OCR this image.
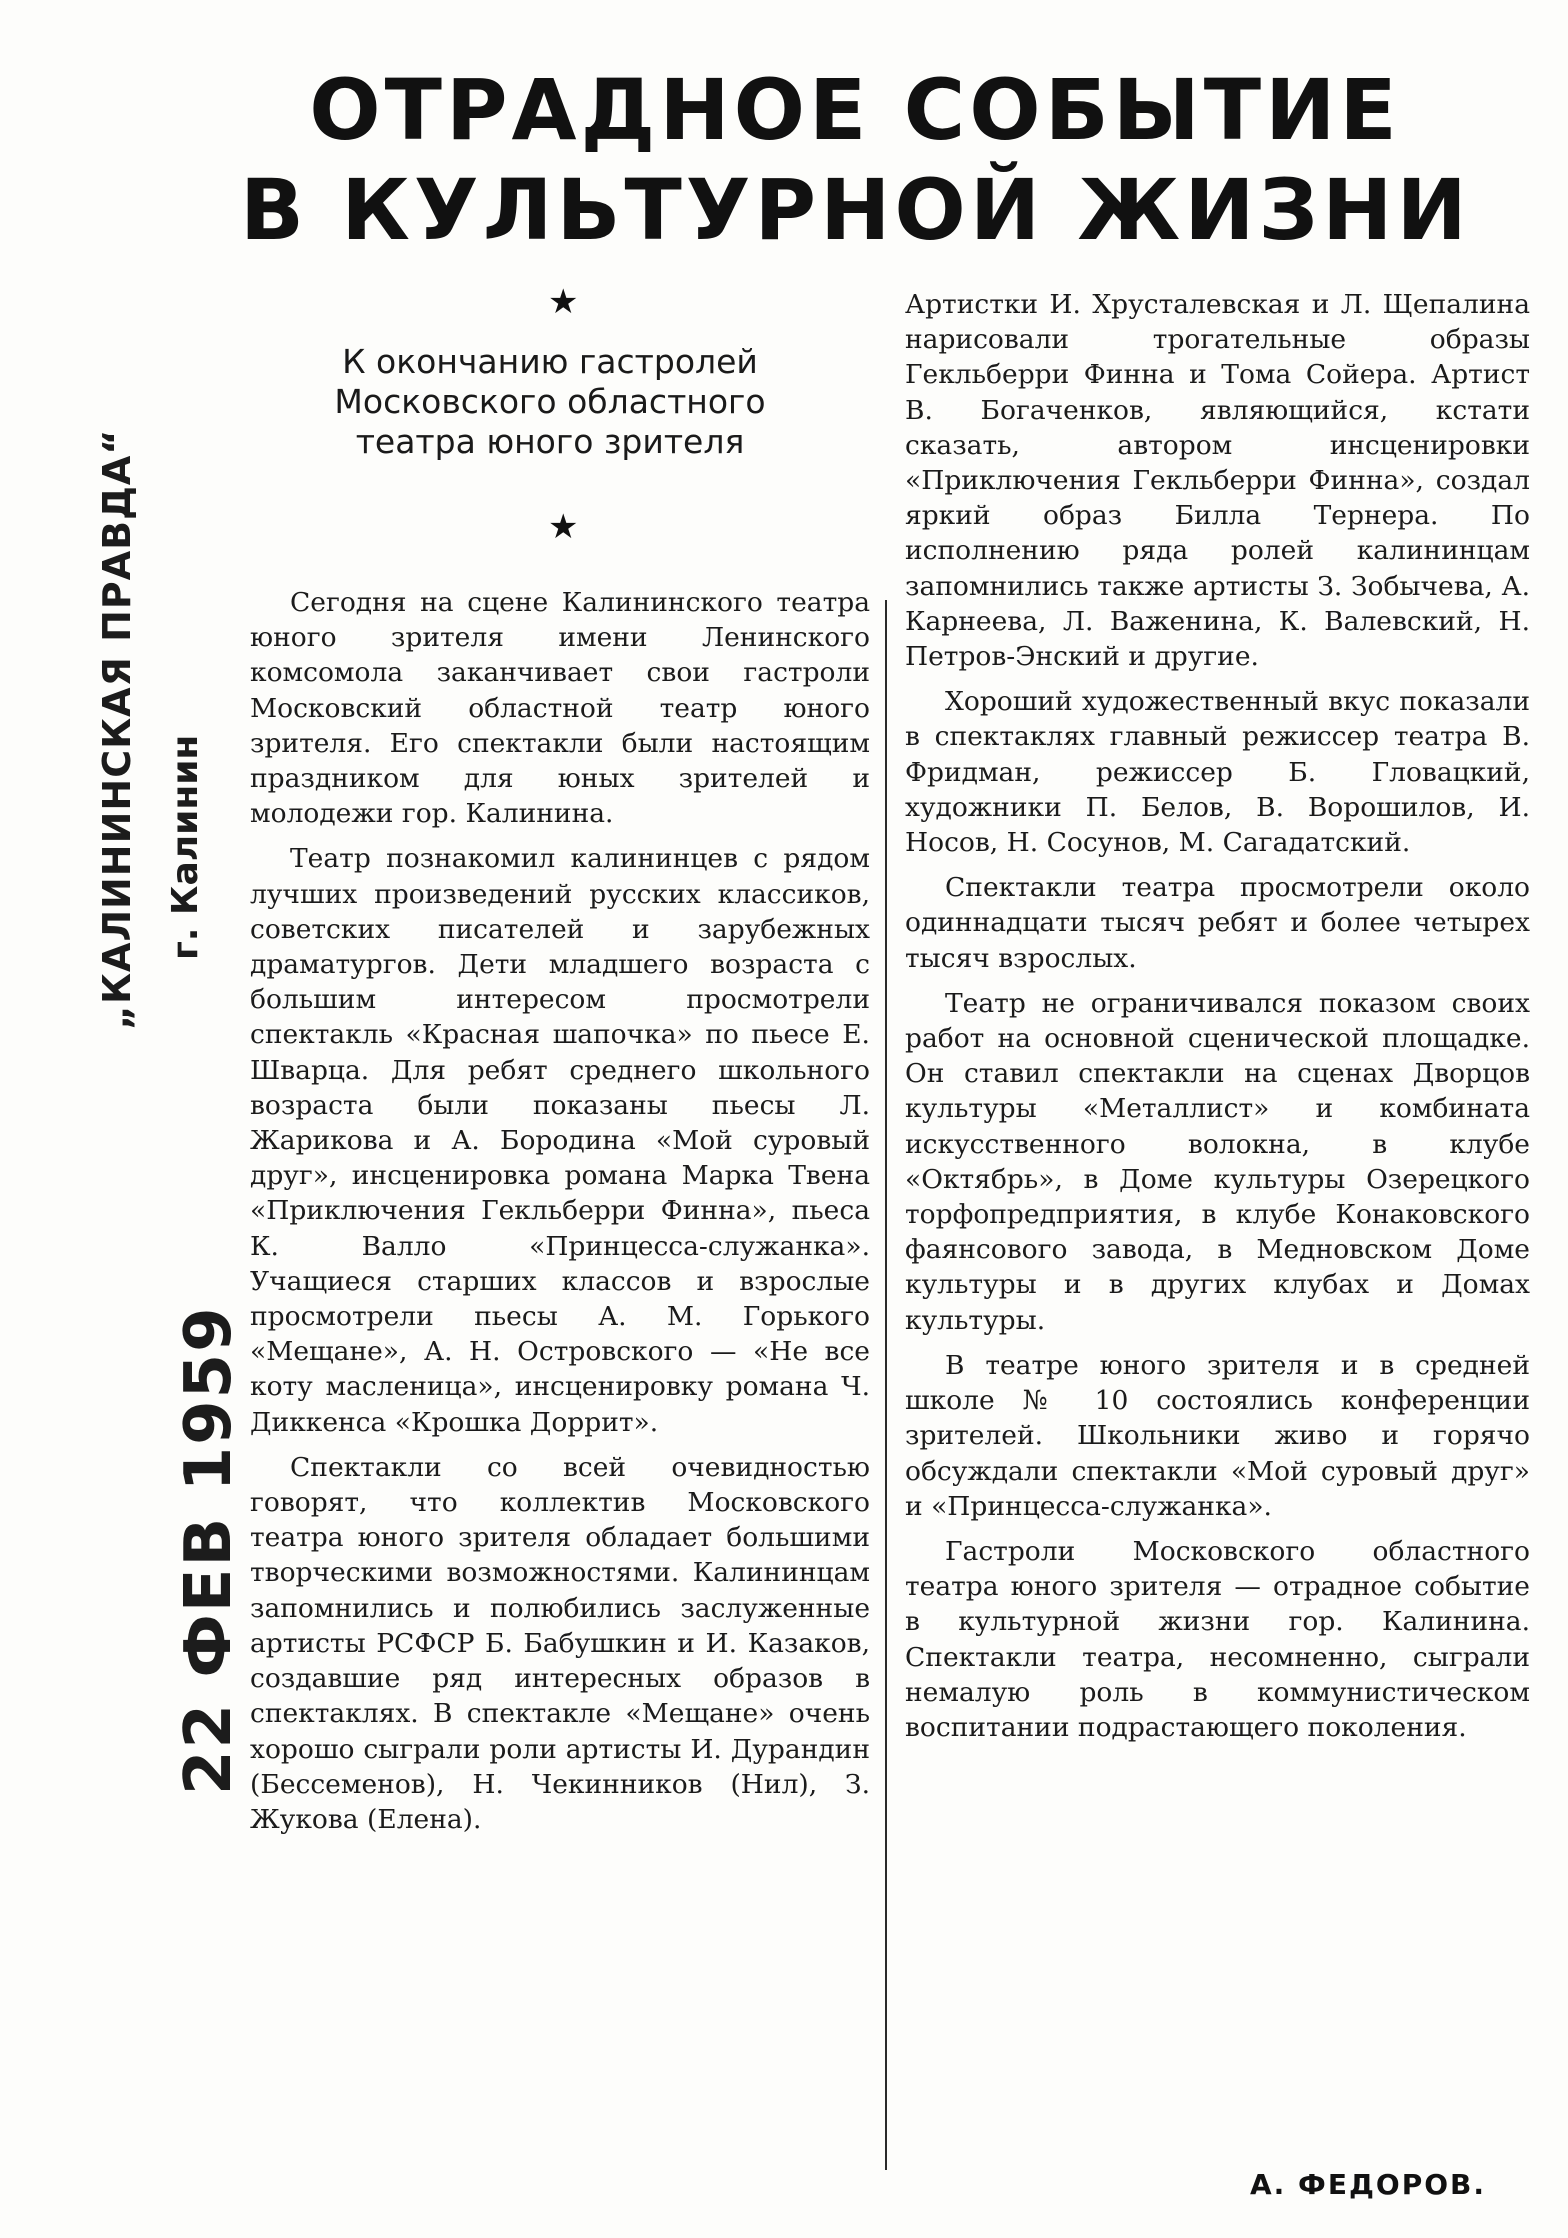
„КАЛИНИНСКАЯ ПРАВДА“ г. Калинин
22 ФЕВ 1959
ОТРАДНОЕ СОБЫТИЕ
В КУЛЬТУРНОЙ ЖИЗНИ
★
К окончанию гастролей
Московского областного
театра юного зрителя
★

Сегодня на сцене Калининского театра юного зрителя имени Ленинского комсомола заканчивает свои гастроли Московский областной театр юного зрителя. Его спектакли были настоящим праздником для юных зрителей и молодежи гор. Калинина.

Театр познакомил калининцев с рядом лучших произведений русских классиков, советских писателей и зарубежных драматургов. Дети младшего возраста с большим интересом просмотрели спектакль «Красная шапочка» по пьесе Е. Шварца. Для ребят среднего школьного возраста были показаны пьесы Л. Жарикова и А. Бородина «Мой суровый друг», инсценировка романа Марка Твена «Приключения Гекльберри Финна», пьеса К. Валло «Принцесса-служанка». Учащиеся старших классов и взрослые просмотрели пьесы А. М. Горького «Мещане», А. Н. Островского — «Не все коту масленица», инсценировку романа Ч. Диккенса «Крошка Доррит».

Спектакли со всей очевидностью говорят, что коллектив Московского театра юного зрителя обладает большими творческими возможностями. Калининцам запомнились и полюбились заслуженные артисты РСФСР Б. Бабушкин и И. Казаков, создавшие ряд интересных образов в спектаклях. В спектакле «Мещане» очень хорошо сыграли роли артисты И. Дурандин (Бессеменов), Н. Чекинников (Нил), З. Жукова (Елена).

Артистки И. Хрусталевская и Л. Щепалина нарисовали трогательные образы Гекльберри Финна и Тома Сойера. Артист В. Богаченков, являющийся, кстати сказать, автором инсценировки «Приключения Гекльберри Финна», создал яркий образ Билла Тернера. По исполнению ряда ролей калининцам запомнились также артисты З. Зобычева, А. Карнеева, Л. Важенина, К. Валевский, Н. Петров-Энский и другие.

Хороший художественный вкус показали в спектаклях главный режиссер театра В. Фридман, режиссер Б. Гловацкий, художники П. Белов, В. Ворошилов, И. Носов, Н. Сосунов, М. Сагадатский.

Спектакли театра просмотрели около одиннадцати тысяч ребят и более четырех тысяч взрослых.

Театр не ограничивался показом своих работ на основной сценической площадке. Он ставил спектакли на сценах Дворцов культуры «Металлист» и комбината искусственного волокна, в клубе «Октябрь», в Доме культуры Озерецкого торфопредприятия, в клубе Конаковского фаянсового завода, в Медновском Доме культуры и в других клубах и Домах культуры.

В театре юного зрителя и в средней школе № 10 состоялись конференции зрителей. Школьники живо и горячо обсуждали спектакли «Мой суровый друг» и «Принцесса-служанка».

Гастроли Московского областного театра юного зрителя — отрадное событие в культурной жизни гор. Калинина. Спектакли театра, несомненно, сыграли немалую роль в коммунистическом воспитании подрастающего поколения.

А. ФЕДОРОВ.
